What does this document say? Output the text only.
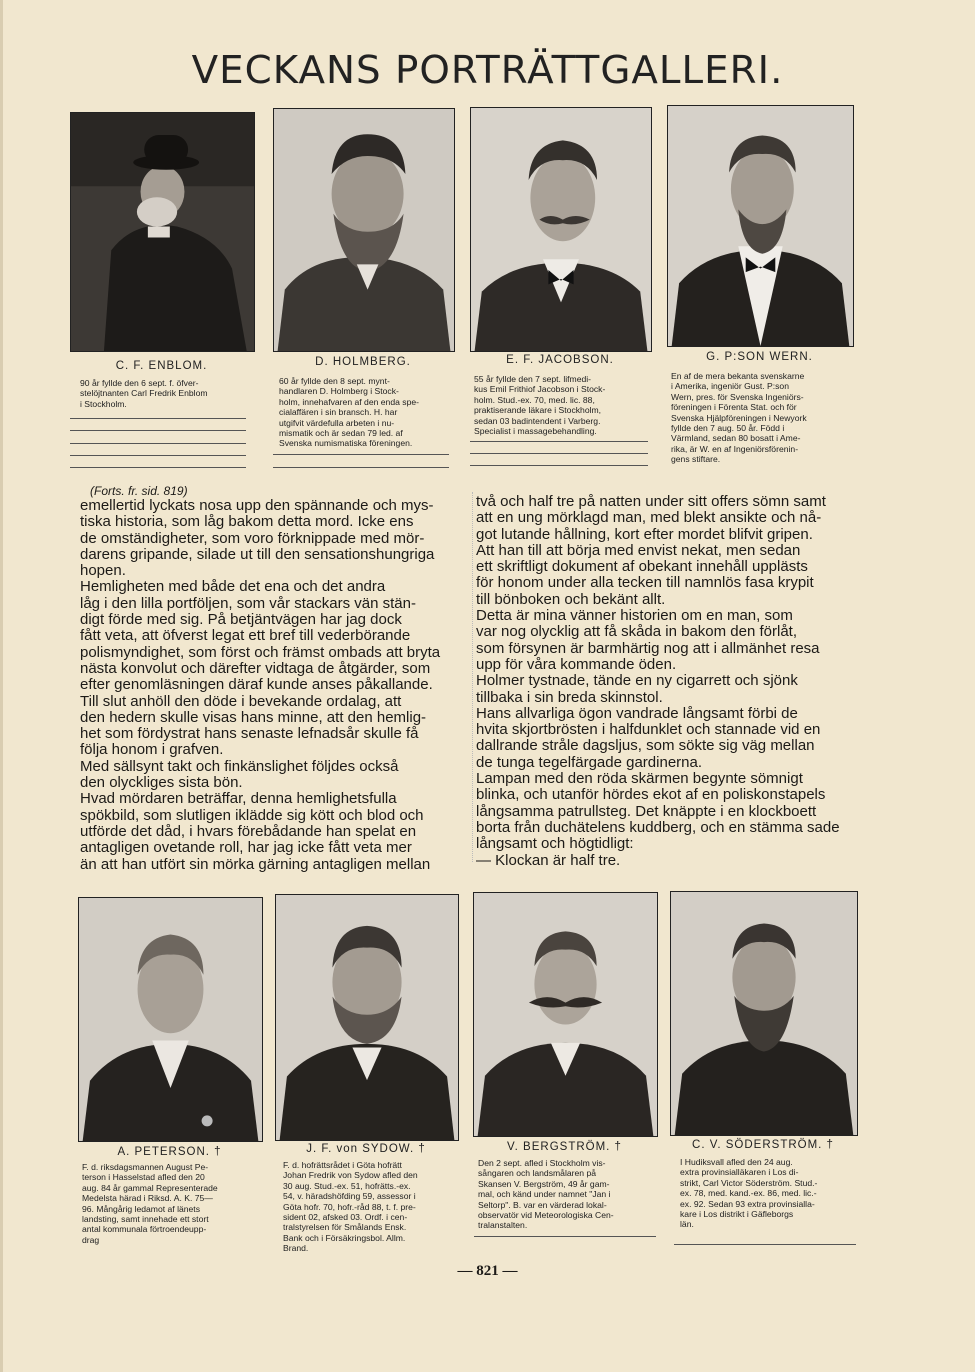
VECKANS PORTRÄTTGALLERI.
C. F. ENBLOM.	D. HOLMBERG.	E. F. JACOBSON.	G. P:SON WERN.
90 år fyllde den 6 sept. f. öfver-
stelöjtnanten Carl Fredrik Enblom
i Stockholm.
60 år fyllde den 8 sept. mynt-
handlaren D. Holmberg i Stock-
holm, innehafvaren af den enda spe-
cialaffären i sin bransch. H. har
utgifvit värdefulla arbeten i nu-
mismatik och är sedan 79 led. af
Svenska numismatiska föreningen.
55 år fyllde den 7 sept. lifmedi-
kus Emil Frithiof Jacobson i Stock-
holm. Stud.-ex. 70, med. lic. 88,
praktiserande läkare i Stockholm,
sedan 03 badintendent i Varberg.
Specialist i massagebehandling.
En af de mera bekanta svenskarne
i Amerika, ingeniör Gust. P:son
Wern, pres. för Svenska Ingeniörs-
föreningen i Förenta Stat. och för
Svenska Hjälpföreningen i Newyork
fyllde den 7 aug. 50 år. Född i
Värmland, sedan 80 bosatt i Ame-
rika, är W. en af Ingeniörsförenin-
gens stiftare.
(Forts. fr. sid. 819)
emellertid lyckats nosa upp den spännande och mys-
tiska historia, som låg bakom detta mord. Icke ens
de omständigheter, som voro förknippade med mör-
darens gripande, silade ut till den sensationshungriga
hopen.
Hemligheten med både det ena och det andra
låg i den lilla portföljen, som vår stackars vän stän-
digt förde med sig. På betjäntvägen har jag dock
fått veta, att öfverst legat ett bref till vederbörande
polismyndighet, som först och främst ombads att bryta
nästa konvolut och därefter vidtaga de åtgärder, som
efter genomläsningen däraf kunde anses påkallande.
Till slut anhöll den döde i bevekande ordalag, att
den hedern skulle visas hans minne, att den hemlig-
het som fördystrat hans senaste lefnadsår skulle få
följa honom i grafven.
Med sällsynt takt och finkänslighet följdes också
den olyckliges sista bön.
Hvad mördaren beträffar, denna hemlighetsfulla
spökbild, som slutligen ikläddе sig kött och blod och
utförde det dåd, i hvars förebådande han spelat en
antagligen ovetande roll, har jag icke fått veta mer
än att han utfört sin mörka gärning antagligen mellan
två och half tre på natten under sitt offers sömn samt
att en ung mörklagd man, med blekt ansikte och nå-
got lutande hållning, kort efter mordet blifvit gripen.
Att han till att börja med envist nekat, men sedan
ett skriftligt dokument af obekant innehåll upplästs
för honom under alla tecken till namnlös fasa krypit
till bönboken och bekänt allt.
Detta är mina vänner historien om en man, som
var nog olycklig att få skåda in bakom den förlåt,
som försynen är barmhärtig nog att i allmänhet resa
upp för våra kommande öden.
Holmer tystnade, tände en ny cigarrett och sjönk
tillbaka i sin breda skinnstol.
Hans allvarliga ögon vandrade långsamt förbi de
hvita skjortbrösten i halfdunklet och stannade vid en
dallrande stråle dagsljus, som sökte sig väg mellan
de tunga tegelfärgade gardinerna.
Lampan med den röda skärmen begynte sömnigt
blinka, och utanför hördes ekot af en poliskonstapels
långsamma patrullsteg. Det knäppte i en klockboett
borta från duchätelens kuddberg, och en stämma sade
långsamt och högtidligt:
— Klockan är half tre.
A. PETERSON. †	J. F. von SYDOW. †	V. BERGSTRÖM. †	C. V. SÖDERSTRÖM. †
F. d. riksdagsmannen August Pe-
terson i Hasselstad afled den 20
aug. 84 år gammal Representerade
Medelsta härad i Riksd. A. K. 75—
96. Mångårig ledamot af länets
landsting, samt innehade ett stort
antal kommunala förtroendeupp-
drag
F. d. hofrättsrådet i Göta hofrätt
Johan Fredrik von Sydow afled den
30 aug. Stud.-ex. 51, hofrätts.-ex.
54, v. häradshöfding 59, assessor i
Göta hofr. 70, hofr.-råd 88, t. f. pre-
sident 02, afsked 03. Ordf. i cen-
tralstyrelsen för Smålands Ensk.
Bank och i Försäkringsbol. Allm.
Brand.
Den 2 sept. afled i Stockholm vis-
sångaren och landsmålaren på
Skansen V. Bergström, 49 år gam-
mal, och känd under namnet "Jan i
Seltorp". B. var en värderad lokal-
observatör vid Meteorologiska Cen-
tralanstalten.
I Hudiksvall afled den 24 aug.
extra provinsialläkaren i Los di-
strikt, Carl Victor Söderström. Stud.-
ex. 78, med. kand.-ex. 86, med. lic.-
ex. 92. Sedan 93 extra provinsialla-
kare i Los distrikt i Gäfleborgs
län.
— 821 —
